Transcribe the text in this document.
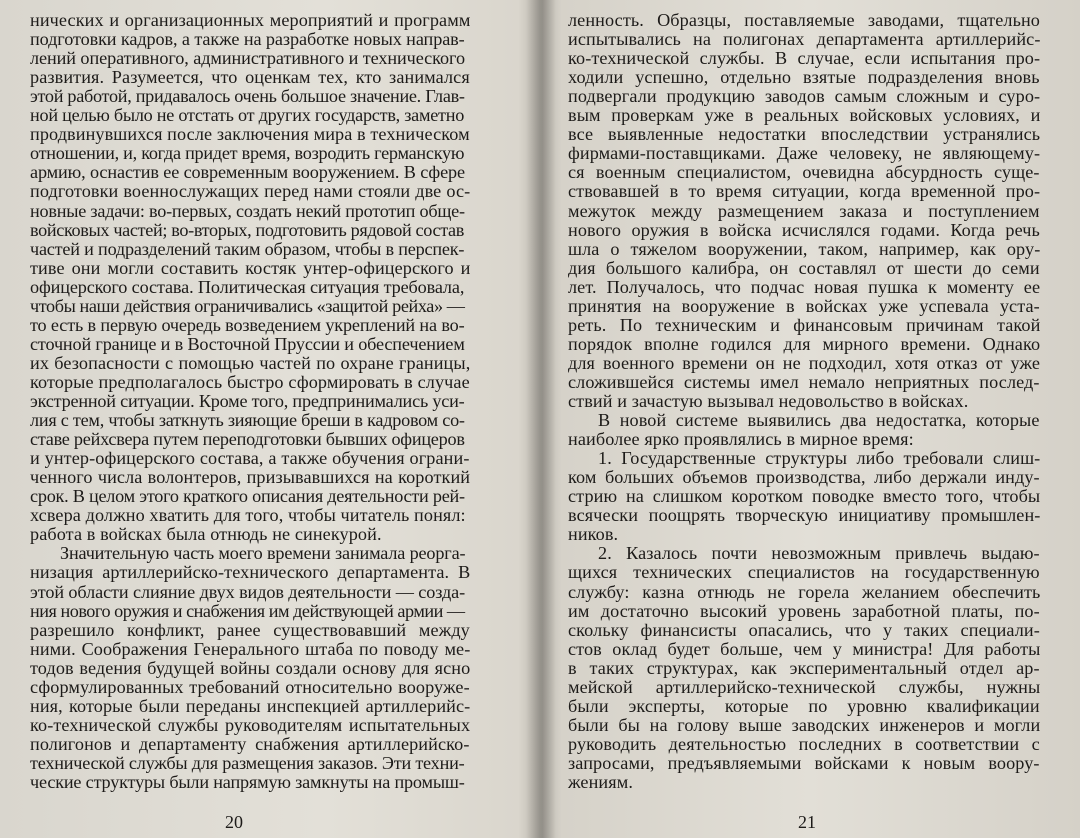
нических и организационных мероприятий и программ
подготовки кадров, а также на разработке новых направ-
лений оперативного, административного и технического
развития. Разумеется, что оценкам тех, кто занимался
этой работой, придавалось очень большое значение. Глав-
ной целью было не отстать от других государств, заметно
продвинувшихся после заключения мира в техническом
отношении, и, когда придет время, возродить германскую
армию, оснастив ее современным вооружением. В сфере
подготовки военнослужащих перед нами стояли две ос-
новные задачи: во-первых, создать некий прототип обще-
войсковых частей; во-вторых, подготовить рядовой состав
частей и подразделений таким образом, чтобы в перспек-
тиве они могли составить костяк унтер-офицерского и
офицерского состава. Политическая ситуация требовала,
чтобы наши действия ограничивались «защитой рейха» —
то есть в первую очередь возведением укреплений на во-
сточной границе и в Восточной Пруссии и обеспечением
их безопасности с помощью частей по охране границы,
которые предполагалось быстро сформировать в случае
экстренной ситуации. Кроме того, предпринимались уси-
лия с тем, чтобы заткнуть зияющие бреши в кадровом со-
ставе рейхсвера путем переподготовки бывших офицеров
и унтер-офицерского состава, а также обучения ограни-
ченного числа волонтеров, призывавшихся на короткий
срок. В целом этого краткого описания деятельности рей-
хсвера должно хватить для того, чтобы читатель понял:
работа в войсках была отнюдь не синекурой.
Значительную часть моего времени занимала реорга-
низация артиллерийско-технического департамента. В
этой области слияние двух видов деятельности — созда-
ния нового оружия и снабжения им действующей армии —
разрешило конфликт, ранее существовавший между
ними. Соображения Генерального штаба по поводу ме-
тодов ведения будущей войны создали основу для ясно
сформулированных требований относительно вооруже-
ния, которые были переданы инспекцией артиллерийс-
ко-технической службы руководителям испытательных
полигонов и департаменту снабжения артиллерийско-
технической службы для размещения заказов. Эти техни-
ческие структуры были напрямую замкнуты на промыш-
20
ленность. Образцы, поставляемые заводами, тщательно
испытывались на полигонах департамента артиллерийс-
ко-технической службы. В случае, если испытания про-
ходили успешно, отдельно взятые подразделения вновь
подвергали продукцию заводов самым сложным и суро-
вым проверкам уже в реальных войсковых условиях, и
все выявленные недостатки впоследствии устранялись
фирмами-поставщиками. Даже человеку, не являющему-
ся военным специалистом, очевидна абсурдность суще-
ствовавшей в то время ситуации, когда временной про-
межуток между размещением заказа и поступлением
нового оружия в войска исчислялся годами. Когда речь
шла о тяжелом вооружении, таком, например, как ору-
дия большого калибра, он составлял от шести до семи
лет. Получалось, что подчас новая пушка к моменту ее
принятия на вооружение в войсках уже успевала уста-
реть. По техническим и финансовым причинам такой
порядок вполне годился для мирного времени. Однако
для военного времени он не подходил, хотя отказ от уже
сложившейся системы имел немало неприятных послед-
ствий и зачастую вызывал недовольство в войсках.
В новой системе выявились два недостатка, которые
наиболее ярко проявлялись в мирное время:
1. Государственные структуры либо требовали слиш-
ком больших объемов производства, либо держали инду-
стрию на слишком коротком поводке вместо того, чтобы
всячески поощрять творческую инициативу промышлен-
ников.
2. Казалось почти невозможным привлечь выдаю-
щихся технических специалистов на государственную
службу: казна отнюдь не горела желанием обеспечить
им достаточно высокий уровень заработной платы, по-
скольку финансисты опасались, что у таких специали-
стов оклад будет больше, чем у министра! Для работы
в таких структурах, как экспериментальный отдел ар-
мейской артиллерийско-технической службы, нужны
были эксперты, которые по уровню квалификации
были бы на голову выше заводских инженеров и могли
руководить деятельностью последних в соответствии с
запросами, предъявляемыми войсками к новым воору-
жениям.
21
